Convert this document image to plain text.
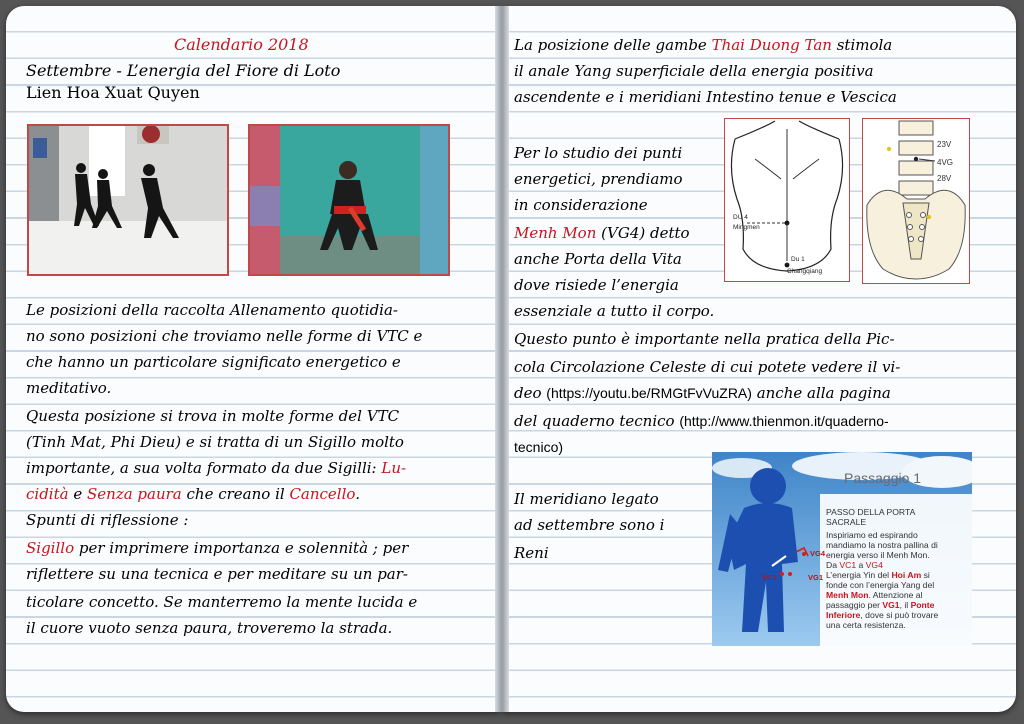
Calendario 2018
Settembre - L’energia del Fiore di Loto
Lien Hoa Xuat Quyen
Le posizioni della raccolta Allenamento quotidia-
no sono posizioni che troviamo nelle forme di VTC e
che hanno un particolare significato energetico e
meditativo.
Questa posizione si trova in molte forme del VTC
(Tinh Mat, Phi Dieu) e si tratta di un Sigillo molto
importante, a sua volta formato da due Sigilli: Lu-
cidità e Senza paura che creano il Cancello.
Spunti di riflessione :
Sigillo per imprimere importanza e solennità ; per
riflettere su una tecnica e per meditare su un par-
ticolare concetto. Se manterremo la mente lucida e
il cuore vuoto senza paura, troveremo la strada.
La posizione delle gambe Thai Duong Tan stimola
il anale Yang superficiale della energia positiva
ascendente e i meridiani Intestino tenue e Vescica
Per lo studio dei punti
energetici, prendiamo
in considerazione
Menh Mon (VG4) detto
anche Porta della Vita
dove risiede l’energia
essenziale a tutto il corpo.
Questo punto è importante nella pratica della Pic-
cola Circolazione Celeste di cui potete vedere il vi-
deo (https://youtu.be/RMGtFvVuZRA) anche alla pagina
del quaderno tecnico (http://www.thienmon.it/quaderno-
tecnico)
Il meridiano legato
ad settembre sono i
Reni
DU 4
Mingmen
Du 1
Changqiang
23V
4VG
28V
VG4
VC1	VG1
Passaggio 1
PASSO DELLA PORTA
SACRALE
Inspiriamo ed espirando
mandiamo la nostra pallina di
energia verso il Menh Mon.
Da VC1 a VG4
L’energia Yin del Hoi Am si
fonde con l’energia Yang del
Menh Mon. Attenzione al
passaggio per VG1, il Ponte
Inferiore, dove si può trovare
una certa resistenza.
